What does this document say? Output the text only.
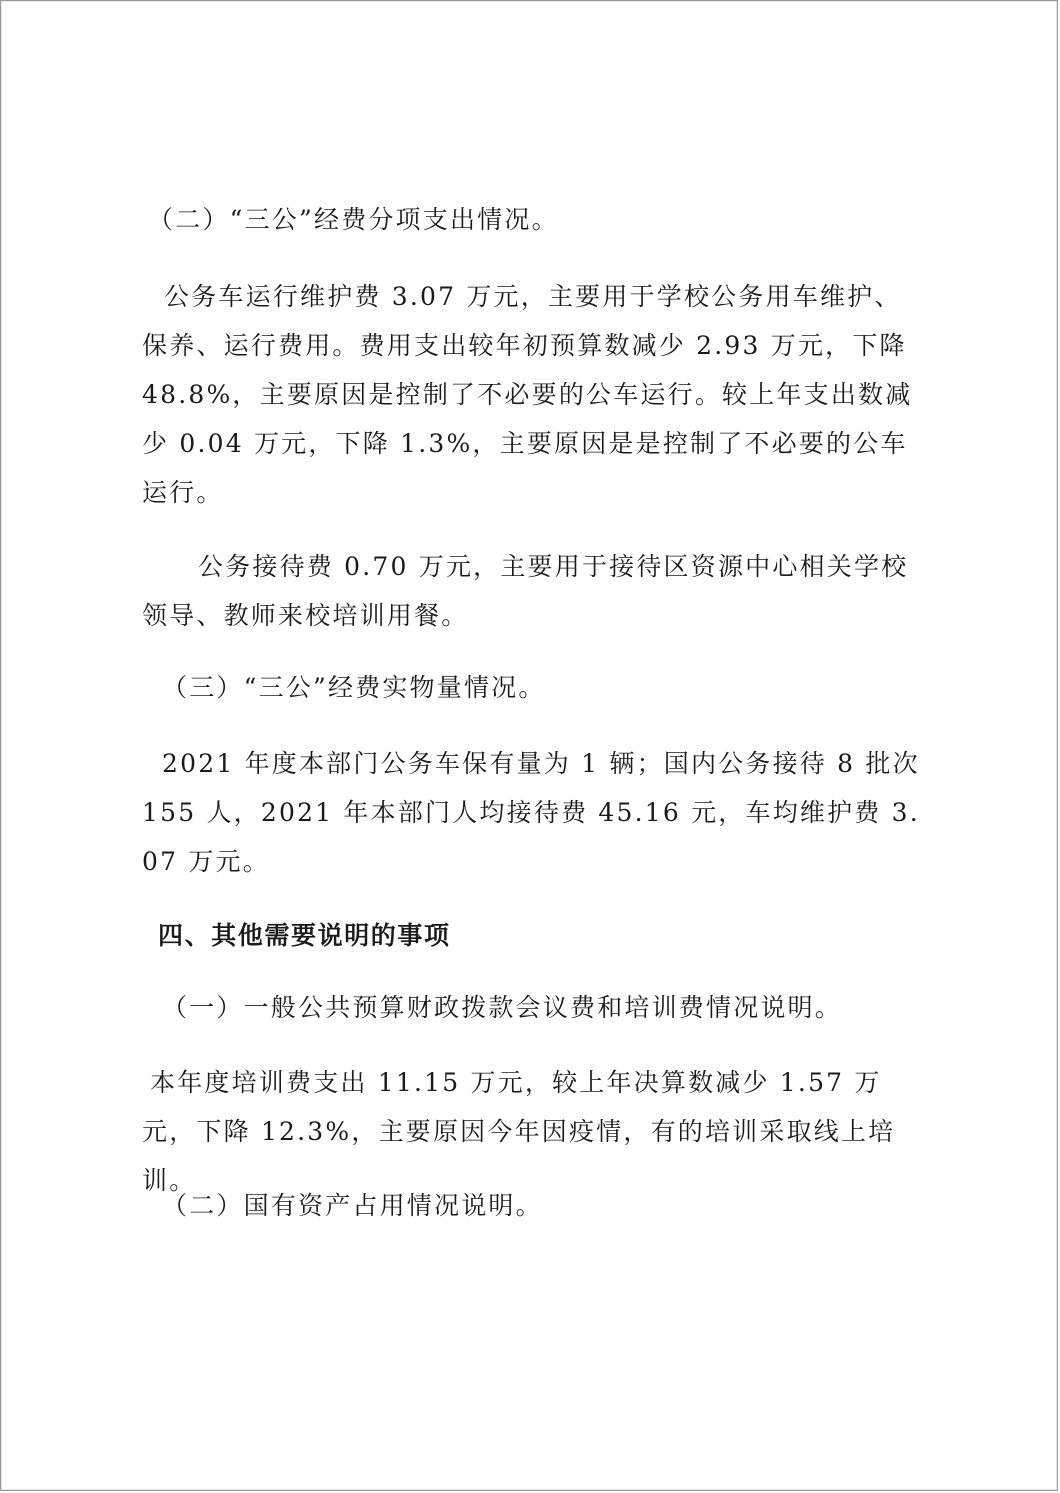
（二）“三公”经费分项支出情况。
公务车运行维护费 3.07 万元，主要用于学校公务用车维护、保养、运行费用。费用支出较年初预算数减少 2.93 万元，下降 48.8%，主要原因是控制了不必要的公车运行。较上年支出数减少 0.04 万元，下降 1.3%，主要原因是是控制了不必要的公车运行。
公务接待费 0.70 万元，主要用于接待区资源中心相关学校领导、教师来校培训用餐。
（三）“三公”经费实物量情况。
2021 年度本部门公务车保有量为 1 辆；国内公务接待 8 批次 155 人，2021 年本部门人均接待费 45.16 元，车均维护费 3.07 万元。
四、其他需要说明的事项
（一）一般公共预算财政拨款会议费和培训费情况说明。
本年度培训费支出 11.15 万元，较上年决算数减少 1.57 万元，下降 12.3%，主要原因今年因疫情，有的培训采取线上培训。
（二）国有资产占用情况说明。
